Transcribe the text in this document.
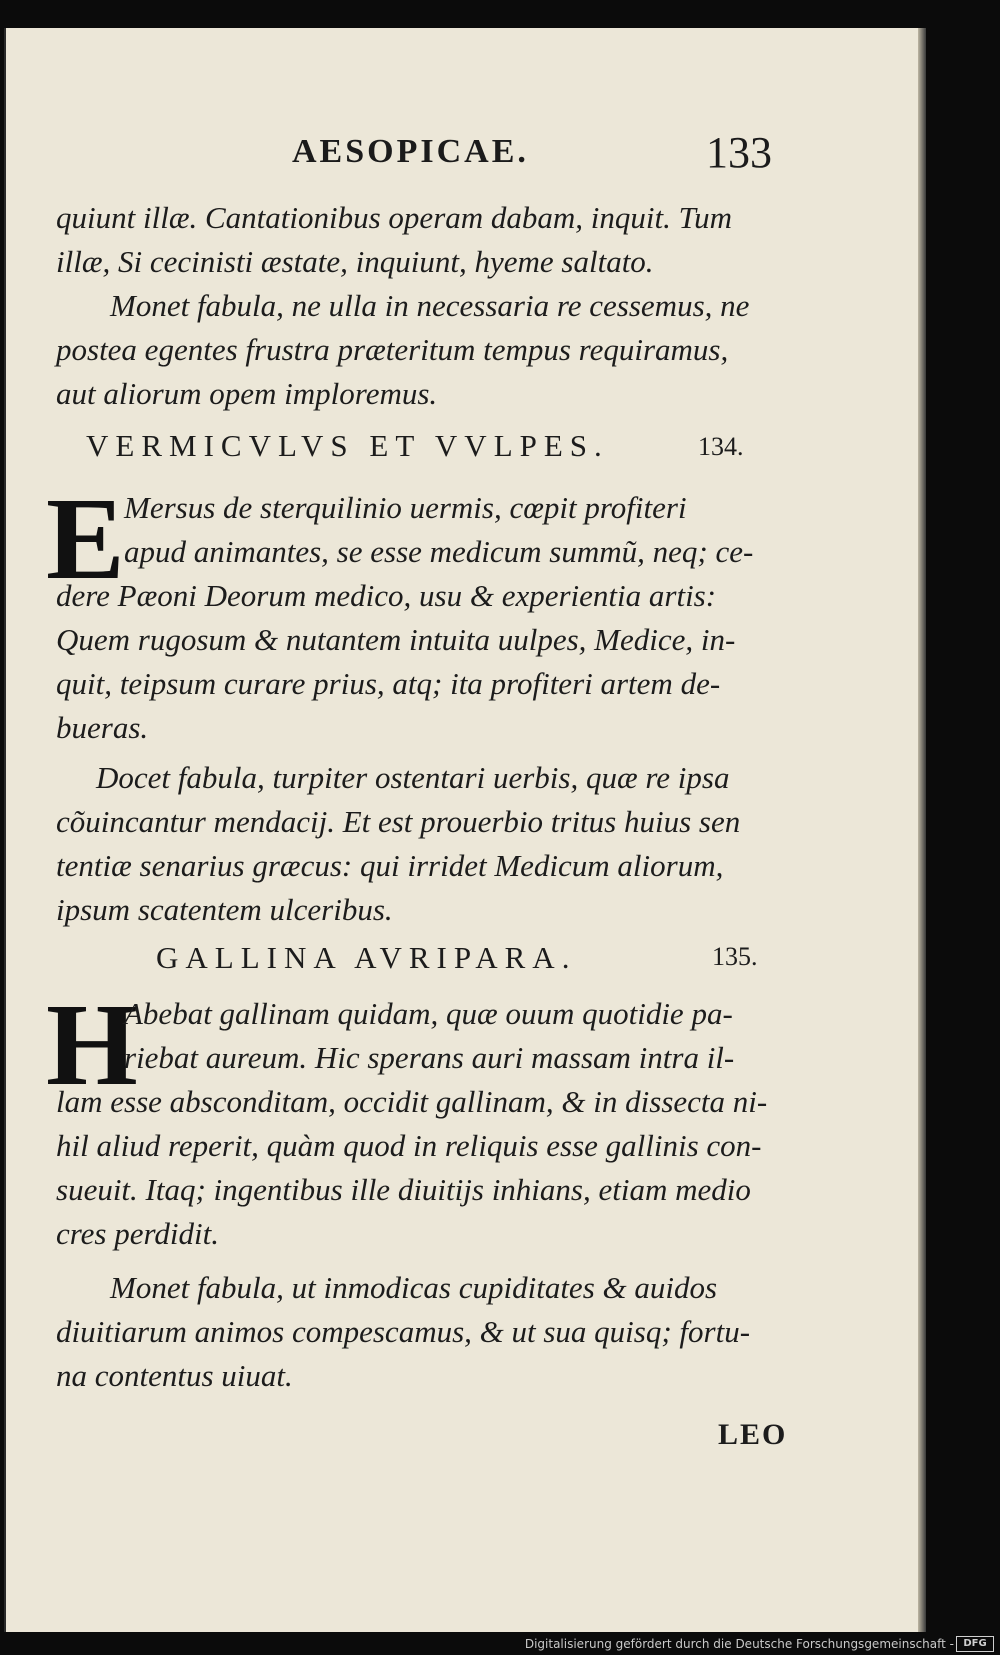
AESOPICAE.	133
quiunt illæ. Cantationibus operam dabam, inquit. Tum
illæ, Si cecinisti æstate, inquiunt, hyeme saltato.
Monet fabula, ne ulla in necessaria re cessemus, ne
postea egentes frustra præteritum tempus requiramus,
aut aliorum opem imploremus.
VERMICVLVS ET VVLPES.	134.
E Mersus de sterquilinio uermis, cœpit profiteri
apud animantes, se esse medicum summũ, neq; ce-
dere Pæoni Deorum medico, usu & experientia artis:
Quem rugosum & nutantem intuita uulpes, Medice, in-
quit, teipsum curare prius, atq; ita profiteri artem de-
bueras.
Docet fabula, turpiter ostentari uerbis, quæ re ipsa
cõuincantur mendacij. Et est prouerbio tritus huius sen
tentiæ senarius græcus: qui irridet Medicum aliorum,
ipsum scatentem ulceribus.
GALLINA AVRIPARA.	135.
H
Abebat gallinam quidam, quæ ouum quotidie pa-
riebat aureum. Hic sperans auri massam intra il-
lam esse absconditam, occidit gallinam, & in dissecta ni-
hil aliud reperit, quàm quod in reliquis esse gallinis con-
sueuit. Itaq; ingentibus ille diuitijs inhians, etiam medio
cres perdidit.
Monet fabula, ut inmodicas cupiditates & auidos
diuitiarum animos compescamus, & ut sua quisq; fortu-
na contentus uiuat.
LEO
Digitalisierung gefördert durch die Deutsche Forschungsgemeinschaft - DFG
